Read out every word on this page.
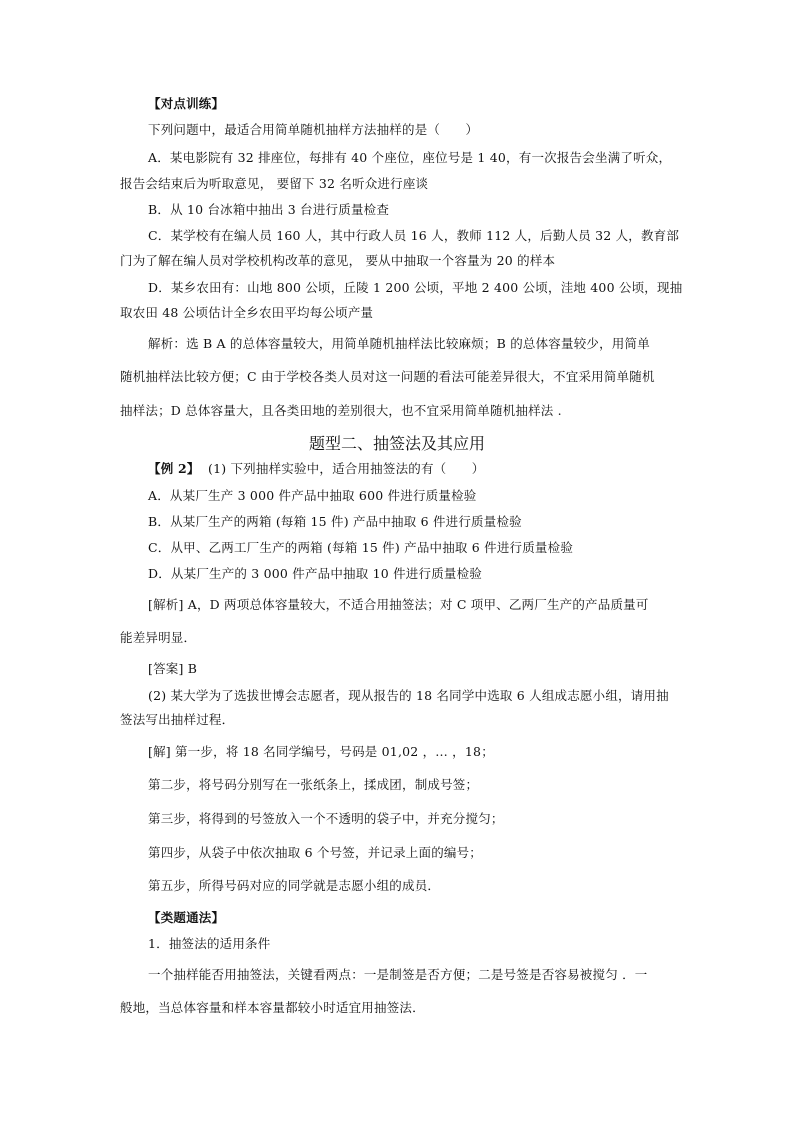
【对点训练】
下列问题中，最适合用简单随机抽样方法抽样的是（　　）
A．某电影院有 32 排座位，每排有 40 个座位，座位号是 1 40，有一次报告会坐满了听众，
报告会结束后为听取意见， 要留下 32 名听众进行座谈
B．从 10 台冰箱中抽出 3 台进行质量检查
C．某学校有在编人员 160 人，其中行政人员 16 人，教师 112 人，后勤人员 32 人，教育部
门为了解在编人员对学校机构改革的意见， 要从中抽取一个容量为 20 的样本
D．某乡农田有：山地 800 公顷，丘陵 1 200 公顷，平地 2 400 公顷，洼地 400 公顷，现抽
取农田 48 公顷估计全乡农田平均每公顷产量
解析：选 B A 的总体容量较大，用简单随机抽样法比较麻烦；B 的总体容量较少，用简单
随机抽样法比较方便；C 由于学校各类人员对这一问题的看法可能差异很大，不宜采用简单随机
抽样法；D 总体容量大，且各类田地的差别很大，也不宜采用简单随机抽样法 .
题型二、抽签法及其应用
【例 2】 (1) 下列抽样实验中，适合用抽签法的有（　　）
A．从某厂生产 3 000 件产品中抽取 600 件进行质量检验
B．从某厂生产的两箱 (每箱 15 件) 产品中抽取 6 件进行质量检验
C．从甲、乙两工厂生产的两箱 (每箱 15 件) 产品中抽取 6 件进行质量检验
D．从某厂生产的 3 000 件产品中抽取 10 件进行质量检验
[解析] A，D 两项总体容量较大，不适合用抽签法；对 C 项甲、乙两厂生产的产品质量可
能差异明显．
[答案] B
(2) 某大学为了选拔世博会志愿者，现从报告的 18 名同学中选取 6 人组成志愿小组，请用抽
签法写出抽样过程．
[解] 第一步，将 18 名同学编号，号码是 01,02 ，… ，18；
第二步，将号码分别写在一张纸条上，揉成团，制成号签；
第三步，将得到的号签放入一个不透明的袋子中，并充分搅匀；
第四步，从袋子中依次抽取 6 个号签，并记录上面的编号；
第五步，所得号码对应的同学就是志愿小组的成员．
【类题通法】
1．抽签法的适用条件
一个抽样能否用抽签法，关键看两点：一是制签是否方便；二是号签是否容易被搅匀 ．一
般地，当总体容量和样本容量都较小时适宜用抽签法．
